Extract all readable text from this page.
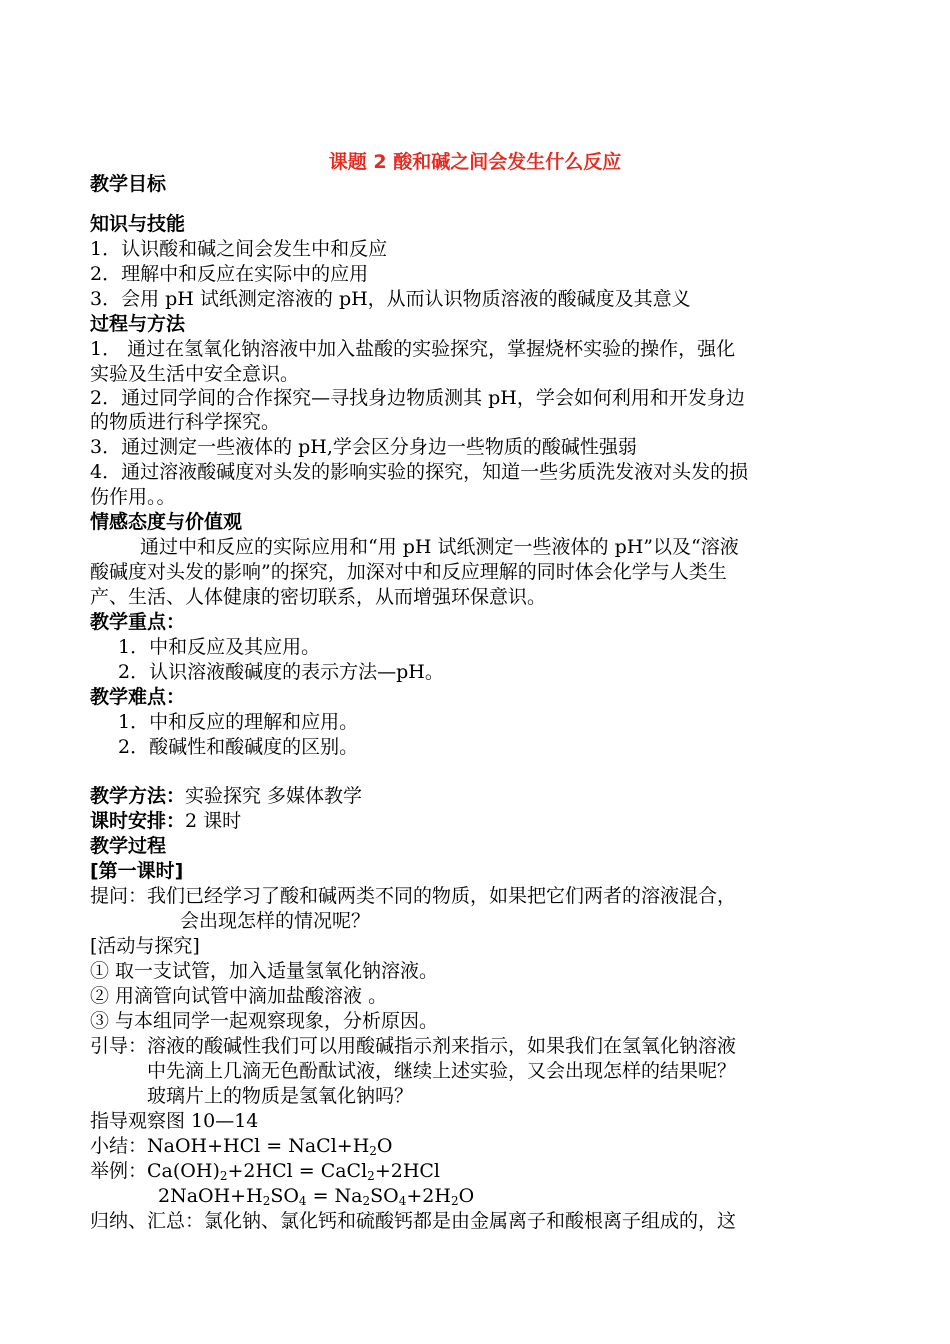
课题 2 酸和碱之间会发生什么反应
教学目标
知识与技能
1．认识酸和碱之间会发生中和反应
2．理解中和反应在实际中的应用
3．会用 pH 试纸测定溶液的 pH，从而认识物质溶液的酸碱度及其意义
过程与方法
1． 通过在氢氧化钠溶液中加入盐酸的实验探究，掌握烧杯实验的操作，强化
实验及生活中安全意识。
2．通过同学间的合作探究—寻找身边物质测其 pH，学会如何利用和开发身边
的物质进行科学探究。
3．通过测定一些液体的 pH,学会区分身边一些物质的酸碱性强弱
4．通过溶液酸碱度对头发的影响实验的探究，知道一些劣质洗发液对头发的损
伤作用。。
情感态度与价值观
通过中和反应的实际应用和“用 pH 试纸测定一些液体的 pH”以及“溶液
酸碱度对头发的影响”的探究，加深对中和反应理解的同时体会化学与人类生
产、生活、人体健康的密切联系，从而增强环保意识。
教学重点：
1．中和反应及其应用。
2．认识溶液酸碱度的表示方法—pH。
教学难点：
1．中和反应的理解和应用。
2．酸碱性和酸碱度的区别。
教学方法：实验探究 多媒体教学
课时安排：2 课时
教学过程
[第一课时]
提问：我们已经学习了酸和碱两类不同的物质，如果把它们两者的溶液混合，
会出现怎样的情况呢？
[活动与探究]
① 取一支试管，加入适量氢氧化钠溶液。
② 用滴管向试管中滴加盐酸溶液 。
③ 与本组同学一起观察现象，分析原因。
引导：溶液的酸碱性我们可以用酸碱指示剂来指示，如果我们在氢氧化钠溶液
中先滴上几滴无色酚酞试液，继续上述实验，又会出现怎样的结果呢？
玻璃片上的物质是氢氧化钠吗？
指导观察图 10—14
小结：NaOH+HCl = $NaCl+H_2O$
举例：$Ca(OH)_2+2HCl$ = CaCl$_2$+2HCl
$2NaOH+H_2SO_4 = Na_2SO_4+2H_2O$
归纳、汇总：氯化钠、氯化钙和硫酸钙都是由金属离子和酸根离子组成的，这
